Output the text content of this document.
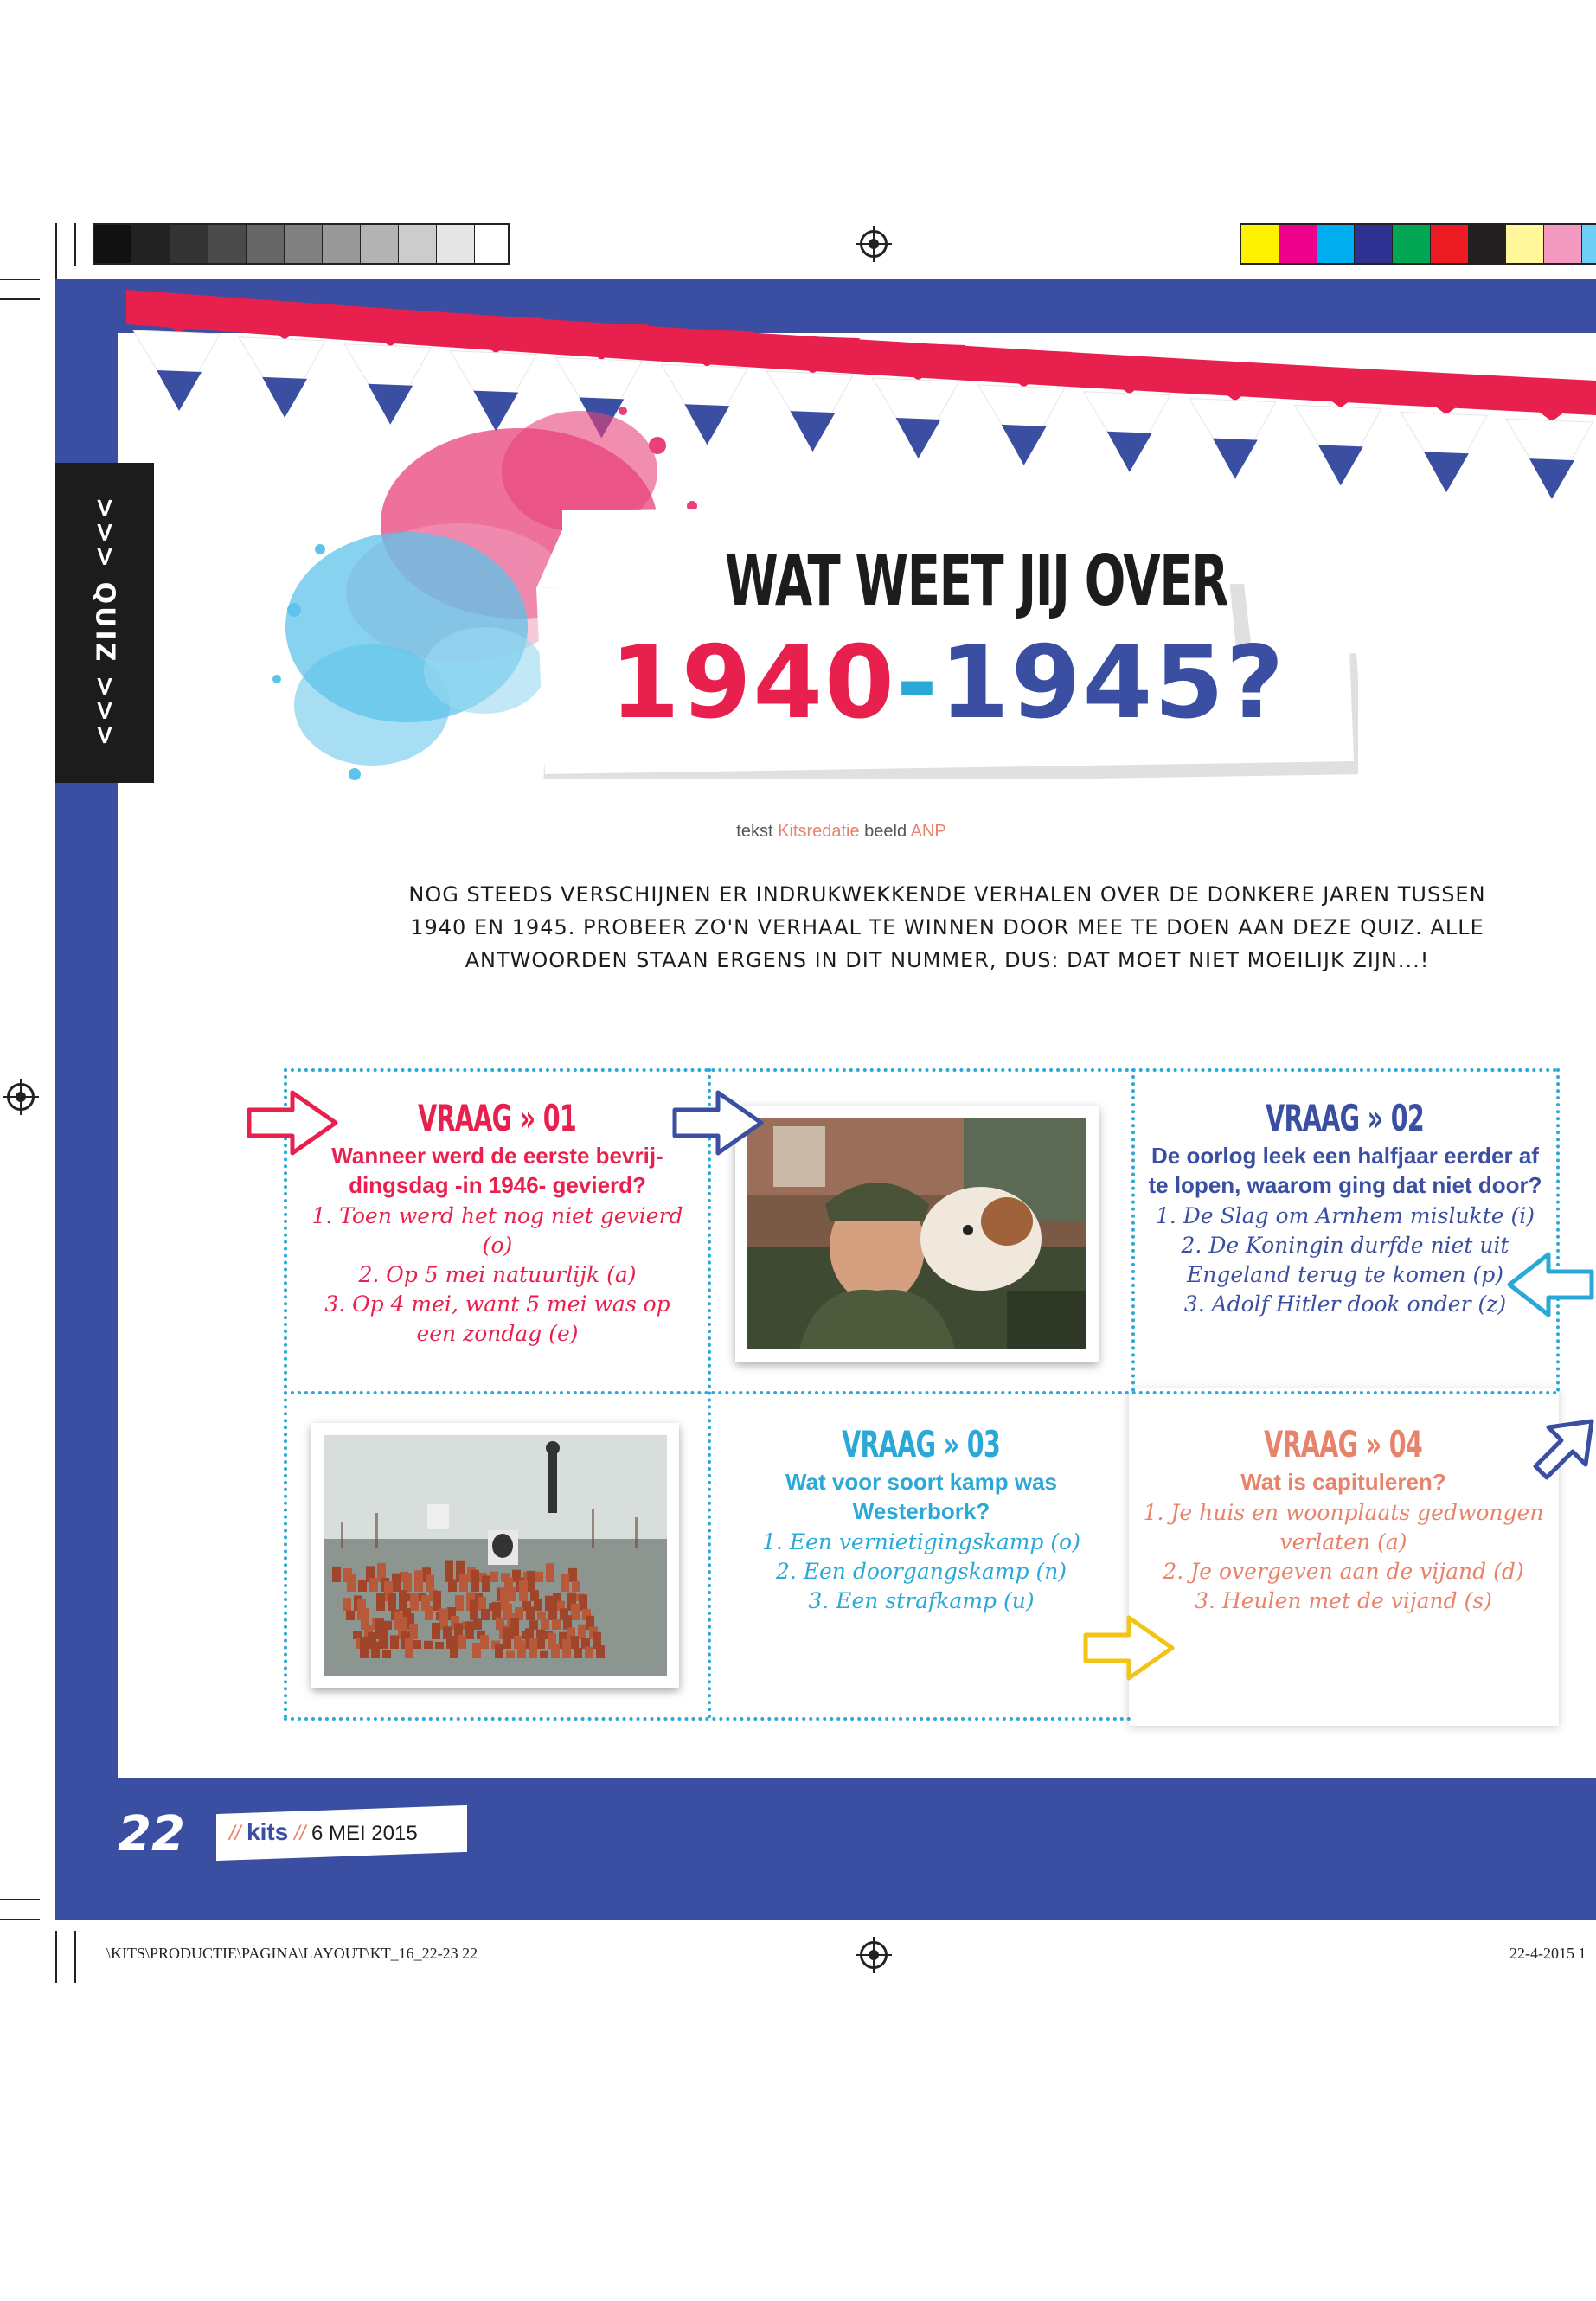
>>> QUIZ >>>	WAT WEET JIJ OVER
1940-1945?
tekst Kitsredatie beeld ANP
NOG STEEDS VERSCHIJNEN ER INDRUKWEKKENDE VERHALEN OVER DE DONKERE JAREN TUSSEN 1940 EN 1945. PROBEER ZO'N VERHAAL TE WINNEN DOOR MEE TE DOEN AAN DEZE QUIZ. ALLE ANTWOORDEN STAAN ERGENS IN DIT NUMMER, DUS: DAT MOET NIET MOEILIJK ZIJN...!
VRAAG » 01
Wanneer werd de eerste bevrij-dingsdag -in 1946- gevierd?
1. Toen werd het nog niet gevierd (o)
2. Op 5 mei natuurlijk (a)
3. Op 4 mei, want 5 mei was op een zondag (e)
VRAAG » 02
De oorlog leek een halfjaar eerder af te lopen, waarom ging dat niet door?
1. De Slag om Arnhem mislukte (i)
2. De Koningin durfde niet uit Engeland terug te komen (p)
3. Adolf Hitler dook onder (z)
VRAAG » 03
Wat voor soort kamp was Westerbork?
1. Een vernietigingskamp (o)
2. Een doorgangskamp (n)
3. Een strafkamp (u)
VRAAG » 04
Wat is capituleren?
1. Je huis en woonplaats gedwongen verlaten (a)
2. Je overgeven aan de vijand (d)
3. Heulen met de vijand (s)
22 // kits // 6 MEI 2015
\KITS\PRODUCTIE\PAGINA\LAYOUT\KT_16_22-23 22	22-4-2015 1
